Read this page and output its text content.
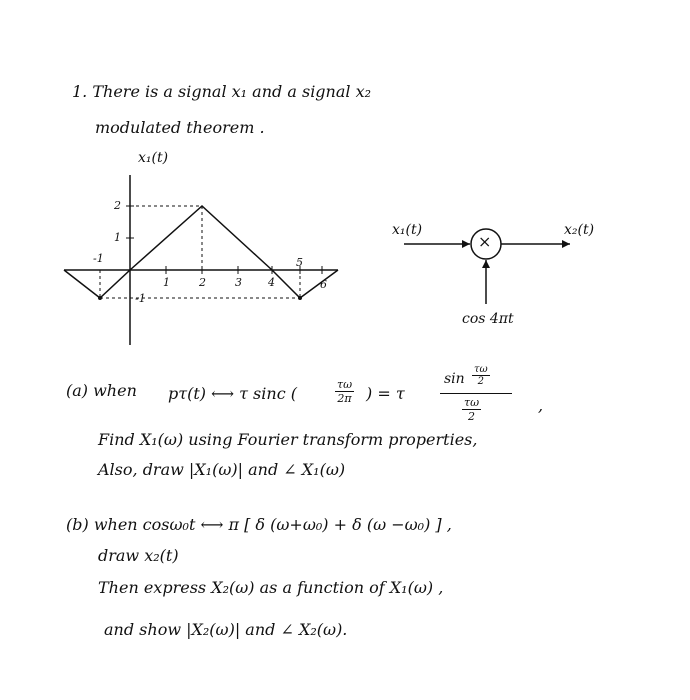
1. There is a signal x₁ and a signal x₂
modulated theorem .
x₁(t)
2
1
-1
1	2	3 4
5
6
-1
x₁(t)
×
x₂(t)
cos 4πt
(a) when pτ(t) ⟷ τ sinc (	$\frac{\tau\omega}{2\pi}$ ) = τ
$\sin \frac{\tau\omega}{2}$
$\frac{\tau\omega}{2}$	,
Find X₁(ω) using Fourier transform properties,
Also, draw |X₁(ω)| and ∠ X₁(ω)
(b) when cosω₀t ⟷ π [ δ (ω+ω₀) + δ (ω −ω₀) ] ,
draw x₂(t)
Then express X₂(ω) as a function of X₁(ω) ,
and show |X₂(ω)| and ∠ X₂(ω).
